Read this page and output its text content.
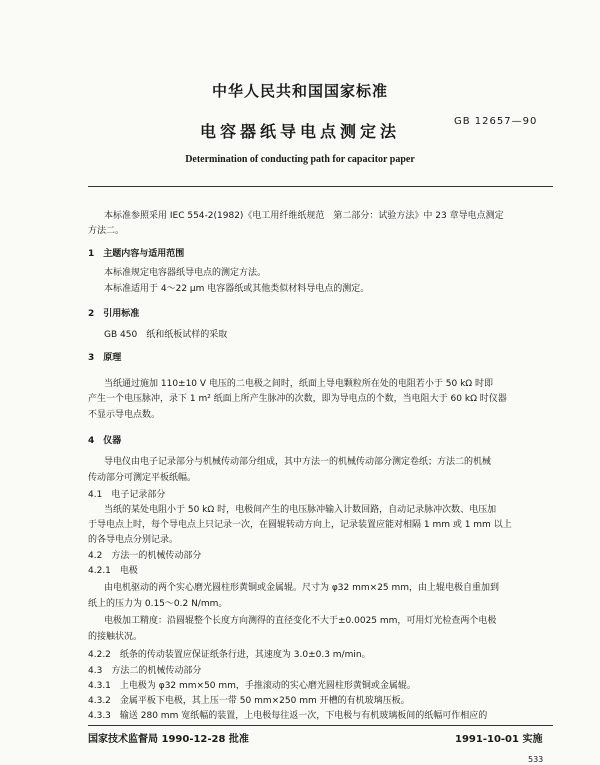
中华人民共和国国家标准
电容器纸导电点测定法
GB 12657—90
Determination of conducting path for capacitor paper
本标准参照采用 IEC 554-2(1982)《电工用纤维纸规范　第二部分：试验方法》中 23 章导电点测定
方法二。
1　主题内容与适用范围
本标准规定电容器纸导电点的测定方法。
本标准适用于 4～22 μm 电容器纸或其他类似材料导电点的测定。
2　引用标准
GB 450　纸和纸板试样的采取
3　原理
当纸通过施加 110±10 V 电压的二电极之间时，纸面上导电颗粒所在处的电阻若小于 50 kΩ 时即
产生一个电压脉冲，录下 1 m² 纸面上所产生脉冲的次数，即为导电点的个数，当电阻大于 60 kΩ 时仪器
不显示导电点数。
4　仪器
导电仪由电子记录部分与机械传动部分组成，其中方法一的机械传动部分测定卷纸；方法二的机械
传动部分可测定平板纸幅。
4.1　电子记录部分
当纸的某处电阻小于 50 kΩ 时，电极间产生的电压脉冲输入计数回路，自动记录脉冲次数、电压加
于导电点上时，每个导电点上只记录一次，在圆辊转动方向上，记录装置应能对相隔 1 mm 或 1 mm 以上
的各导电点分别记录。
4.2　方法一的机械传动部分
4.2.1　电极
由电机驱动的两个实心磨光圆柱形黄铜或金属辊。尺寸为 φ32 mm×25 mm，由上辊电极自重加到
纸上的压力为 0.15～0.2 N/mm。
电极加工精度：沿圆辊整个长度方向测得的直径变化不大于±0.0025 mm，可用灯光检查两个电极
的接触状况。
4.2.2　纸条的传动装置应保证纸条行进，其速度为 3.0±0.3 m/min。
4.3　方法二的机械传动部分
4.3.1　上电极为 φ32 mm×50 mm，手推滚动的实心磨光圆柱形黄铜或金属辊。
4.3.2　金属平板下电极，其上压一带 50 mm×250 mm 开槽的有机玻璃压板。
4.3.3　输送 280 mm 宽纸幅的装置，上电极每往返一次，下电极与有机玻璃板间的纸幅可作相应的
国家技术监督局 1990-12-28 批准	1991-10-01 实施
533
